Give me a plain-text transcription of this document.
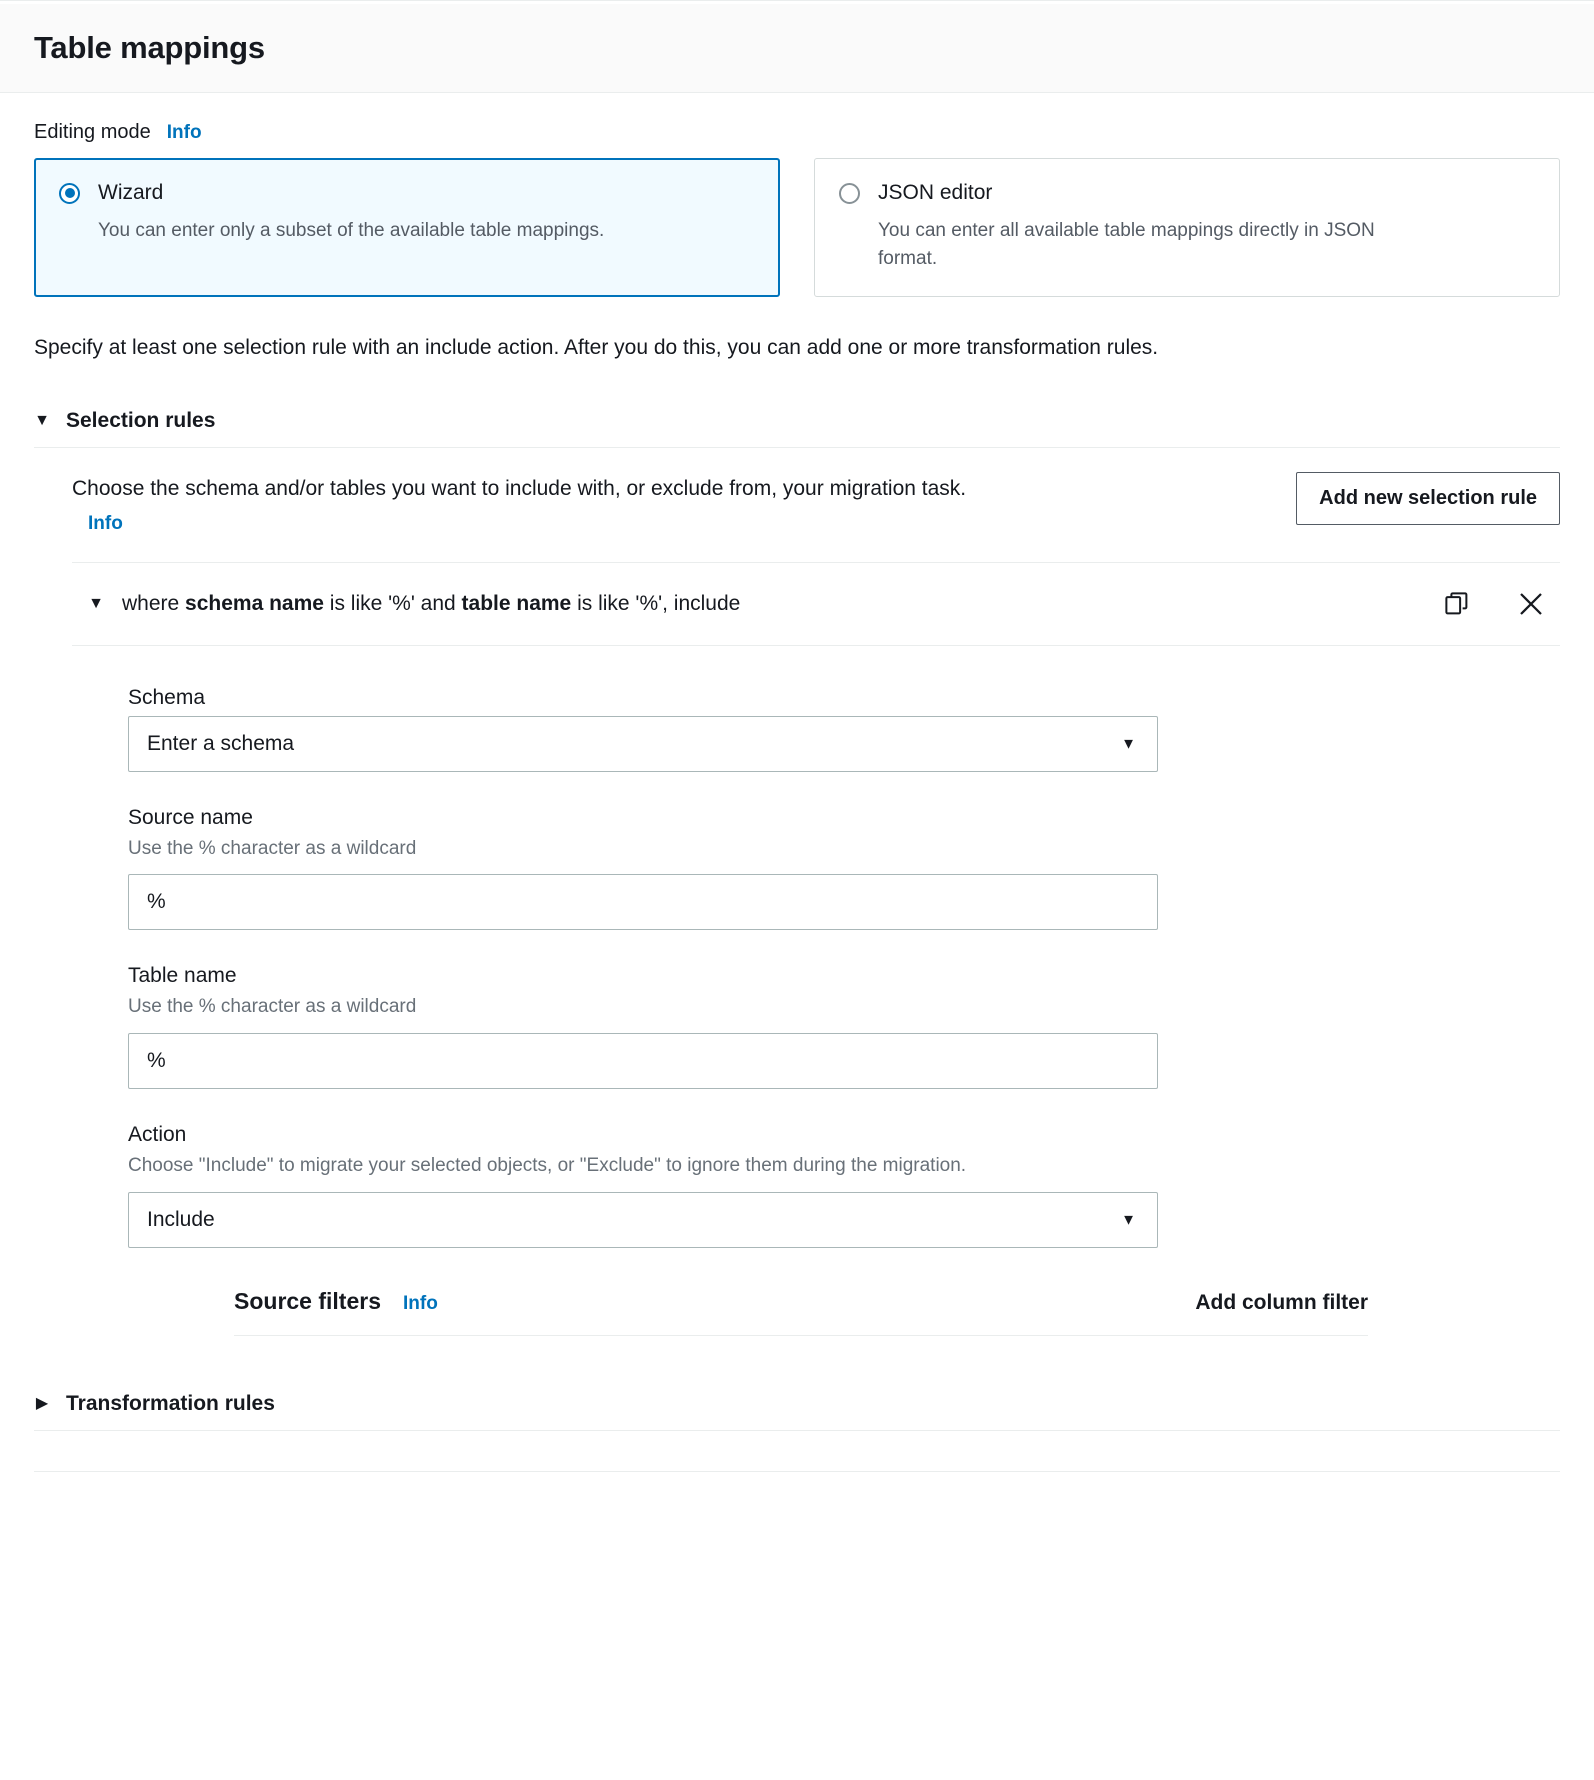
Table mappings
Editing mode Info
Wizard
You can enter only a subset of the available table mappings.
JSON editor
You can enter all available table mappings directly in JSON format.

Specify at least one selection rule with an include action. After you do this, you can add one or more transformation rules.

▼ Selection rules
Choose the schema and/or tables you want to include with, or exclude from, your migration task. Info
Add new selection rule
▼ where schema name is like '%' and table name is like '%', include
Schema
Enter a schema
▼
Source name
Use the % character as a wildcard
%
Table name
Use the % character as a wildcard
%
Action
Choose "Include" to migrate your selected objects, or "Exclude" to ignore them during the migration.
Include
▼
Source filters Info	Add column filter
▶ Transformation rules
